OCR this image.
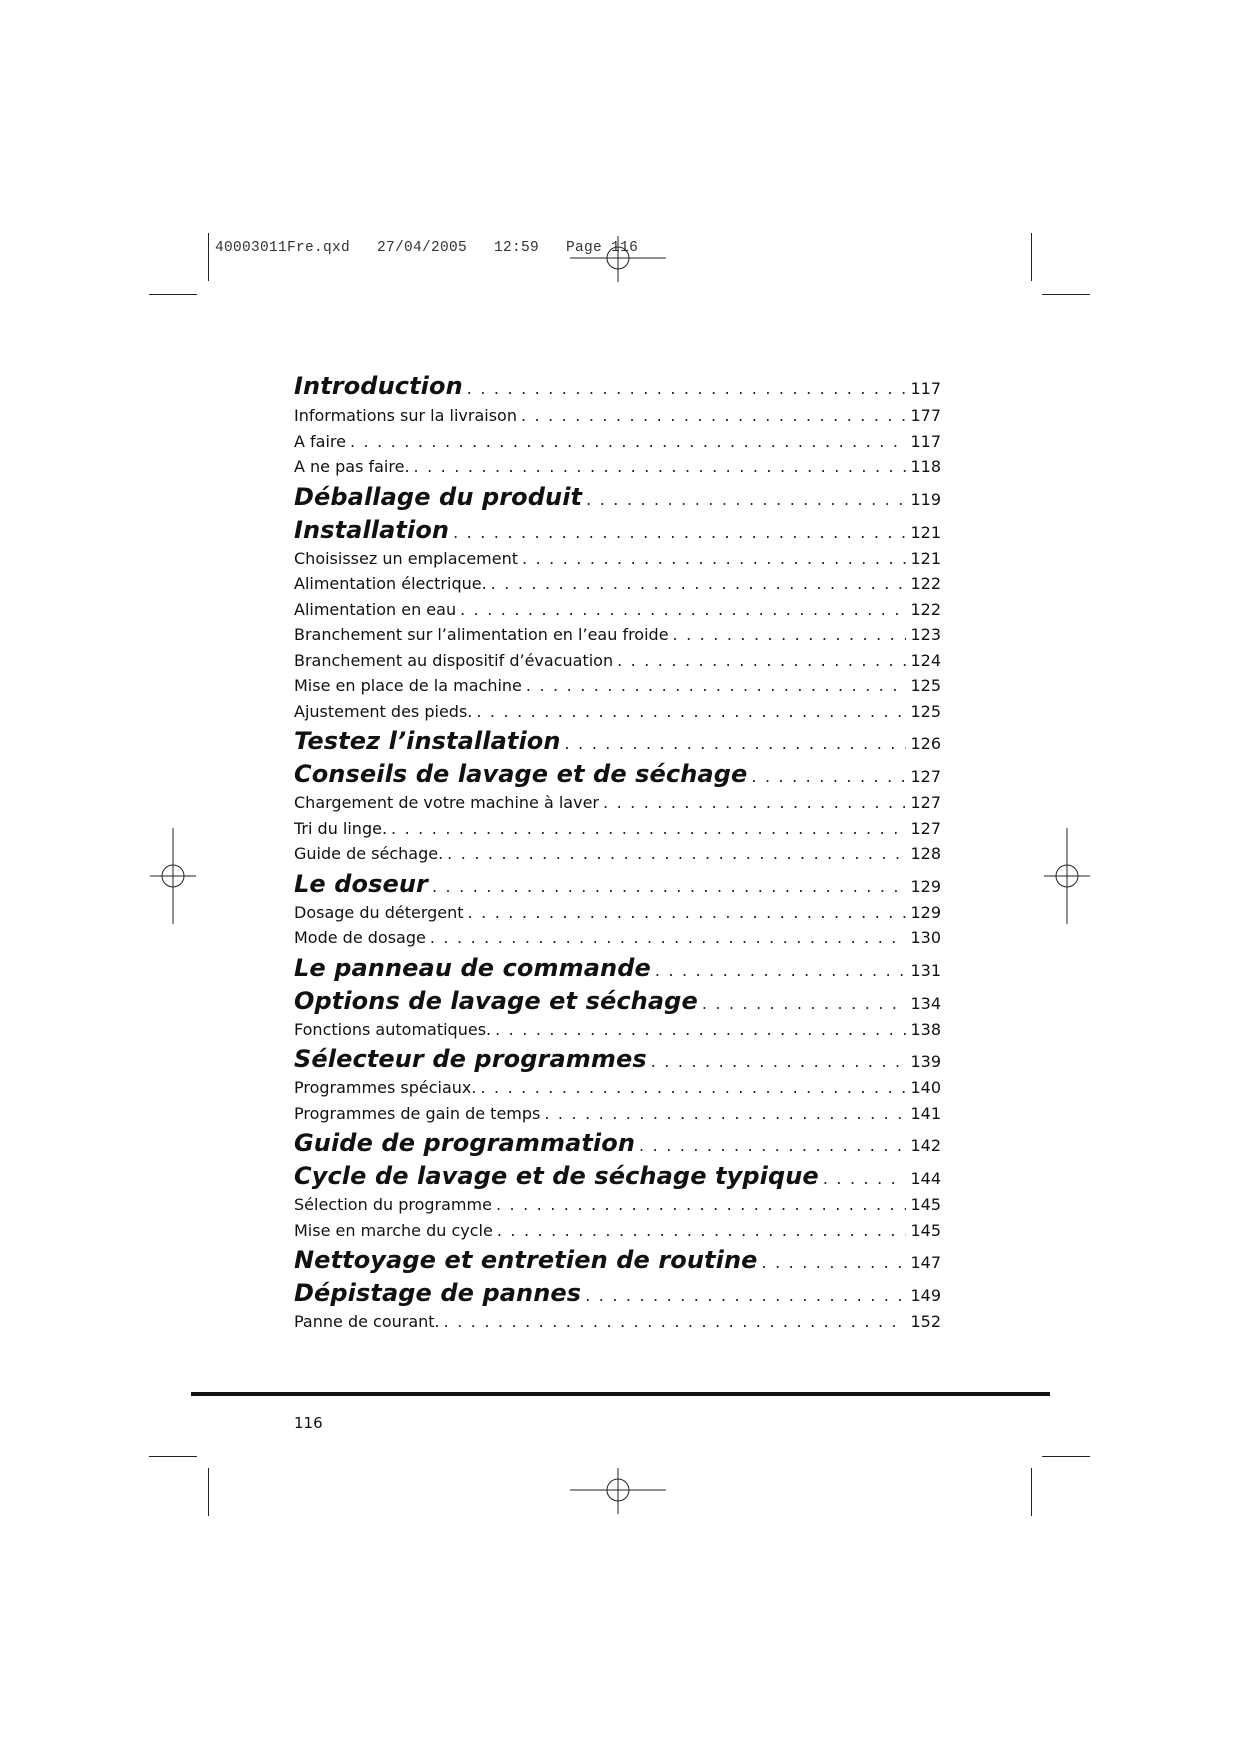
40003011Fre.qxd   27/04/2005   12:59   Page 116
Introduction . . .	117
Informations sur la livraison . . .	177
A faire . . .	117
A ne pas faire. . . .	118
Déballage du produit . . .	119
Installation . . .	121
Choisissez un emplacement . . .	121
Alimentation électrique. . . .	122
Alimentation en eau . . .	122
Branchement sur l’alimentation en l’eau froide . . .	123
Branchement au dispositif d’évacuation . . .	124
Mise en place de la machine . . .	125
Ajustement des pieds. . . .	125
Testez l’installation . . .	126
Conseils de lavage et de séchage . . .	127
Chargement de votre machine à laver . . .	127
Tri du linge. . . .	127
Guide de séchage. . . .	128
Le doseur . . .	129
Dosage du détergent . . .	129
Mode de dosage . . .	130
Le panneau de commande . . .	131
Options de lavage et séchage . . .	134
Fonctions automatiques. . . .	138
Sélecteur de programmes . . .	139
Programmes spéciaux. . . .	140
Programmes de gain de temps . . .	141
Guide de programmation . . .	142
Cycle de lavage et de séchage typique . . .	144
Sélection du programme . . .	145
Mise en marche du cycle . . .	145
Nettoyage et entretien de routine . . .	147
Dépistage de pannes . . .	149
Panne de courant. . . .	152
116
